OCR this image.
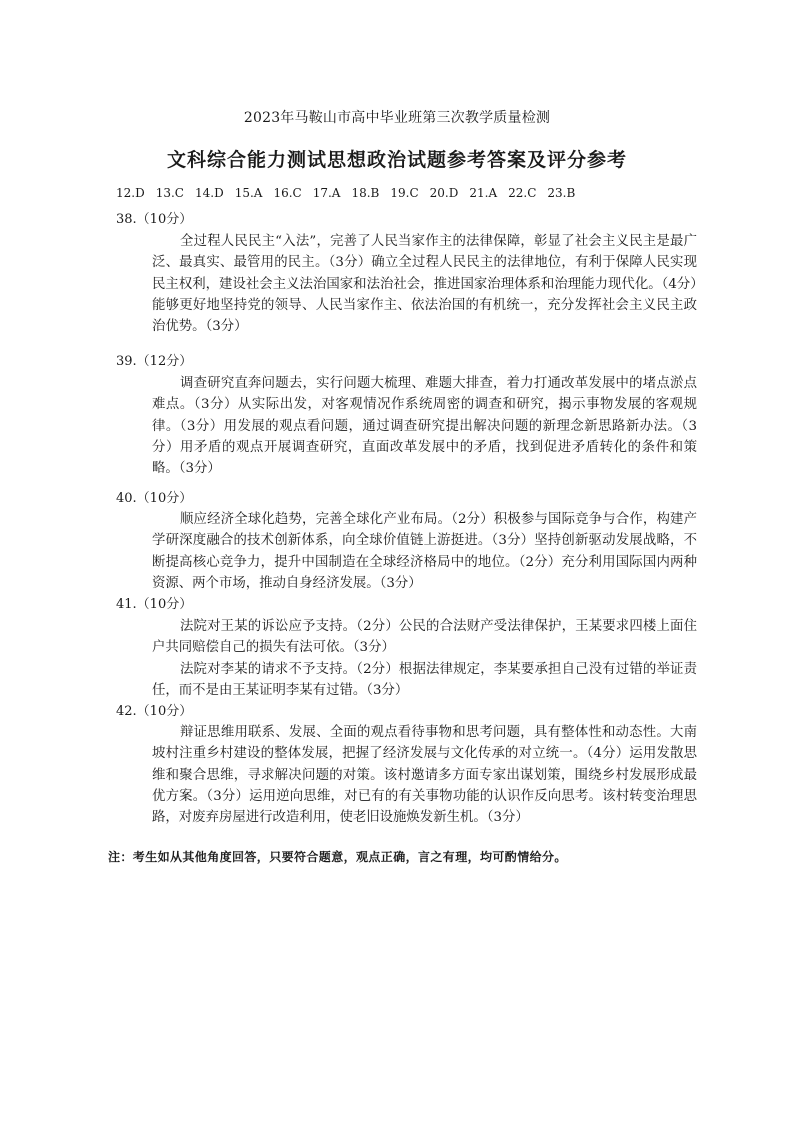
2023年马鞍山市高中毕业班第三次教学质量检测
文科综合能力测试思想政治试题参考答案及评分参考
12.D 13.C 14.D 15.A 16.C 17.A 18.B 19.C 20.D 21.A 22.C 23.B
38.（10分）
全过程人民民主“入法”，完善了人民当家作主的法律保障，彰显了社会主义民主是最广泛、最真实、最管用的民主。（3分）确立全过程人民民主的法律地位，有利于保障人民实现民主权利，建设社会主义法治国家和法治社会，推进国家治理体系和治理能力现代化。（4分）能够更好地坚持党的领导、人民当家作主、依法治国的有机统一，充分发挥社会主义民主政治优势。（3分）
39.（12分）
调查研究直奔问题去，实行问题大梳理、难题大排查，着力打通改革发展中的堵点淤点难点。（3分）从实际出发，对客观情况作系统周密的调查和研究，揭示事物发展的客观规律。（3分）用发展的观点看问题，通过调查研究提出解决问题的新理念新思路新办法。（3分）用矛盾的观点开展调查研究，直面改革发展中的矛盾，找到促进矛盾转化的条件和策略。（3分）
40.（10分）
顺应经济全球化趋势，完善全球化产业布局。（2分）积极参与国际竞争与合作，构建产学研深度融合的技术创新体系，向全球价值链上游挺进。（3分）坚持创新驱动发展战略，不断提高核心竞争力，提升中国制造在全球经济格局中的地位。（2分）充分利用国际国内两种资源、两个市场，推动自身经济发展。（3分）
41.（10分）
法院对王某的诉讼应予支持。（2分）公民的合法财产受法律保护，王某要求四楼上面住户共同赔偿自己的损失有法可依。（3分）
法院对李某的请求不予支持。（2分）根据法律规定，李某要承担自己没有过错的举证责任，而不是由王某证明李某有过错。（3分）
42.（10分）
辩证思维用联系、发展、全面的观点看待事物和思考问题，具有整体性和动态性。大南坡村注重乡村建设的整体发展，把握了经济发展与文化传承的对立统一。（4分）运用发散思维和聚合思维，寻求解决问题的对策。该村邀请多方面专家出谋划策，围绕乡村发展形成最优方案。（3分）运用逆向思维，对已有的有关事物功能的认识作反向思考。该村转变治理思路，对废弃房屋进行改造利用，使老旧设施焕发新生机。（3分）
注：考生如从其他角度回答，只要符合题意，观点正确，言之有理，均可酌情给分。
